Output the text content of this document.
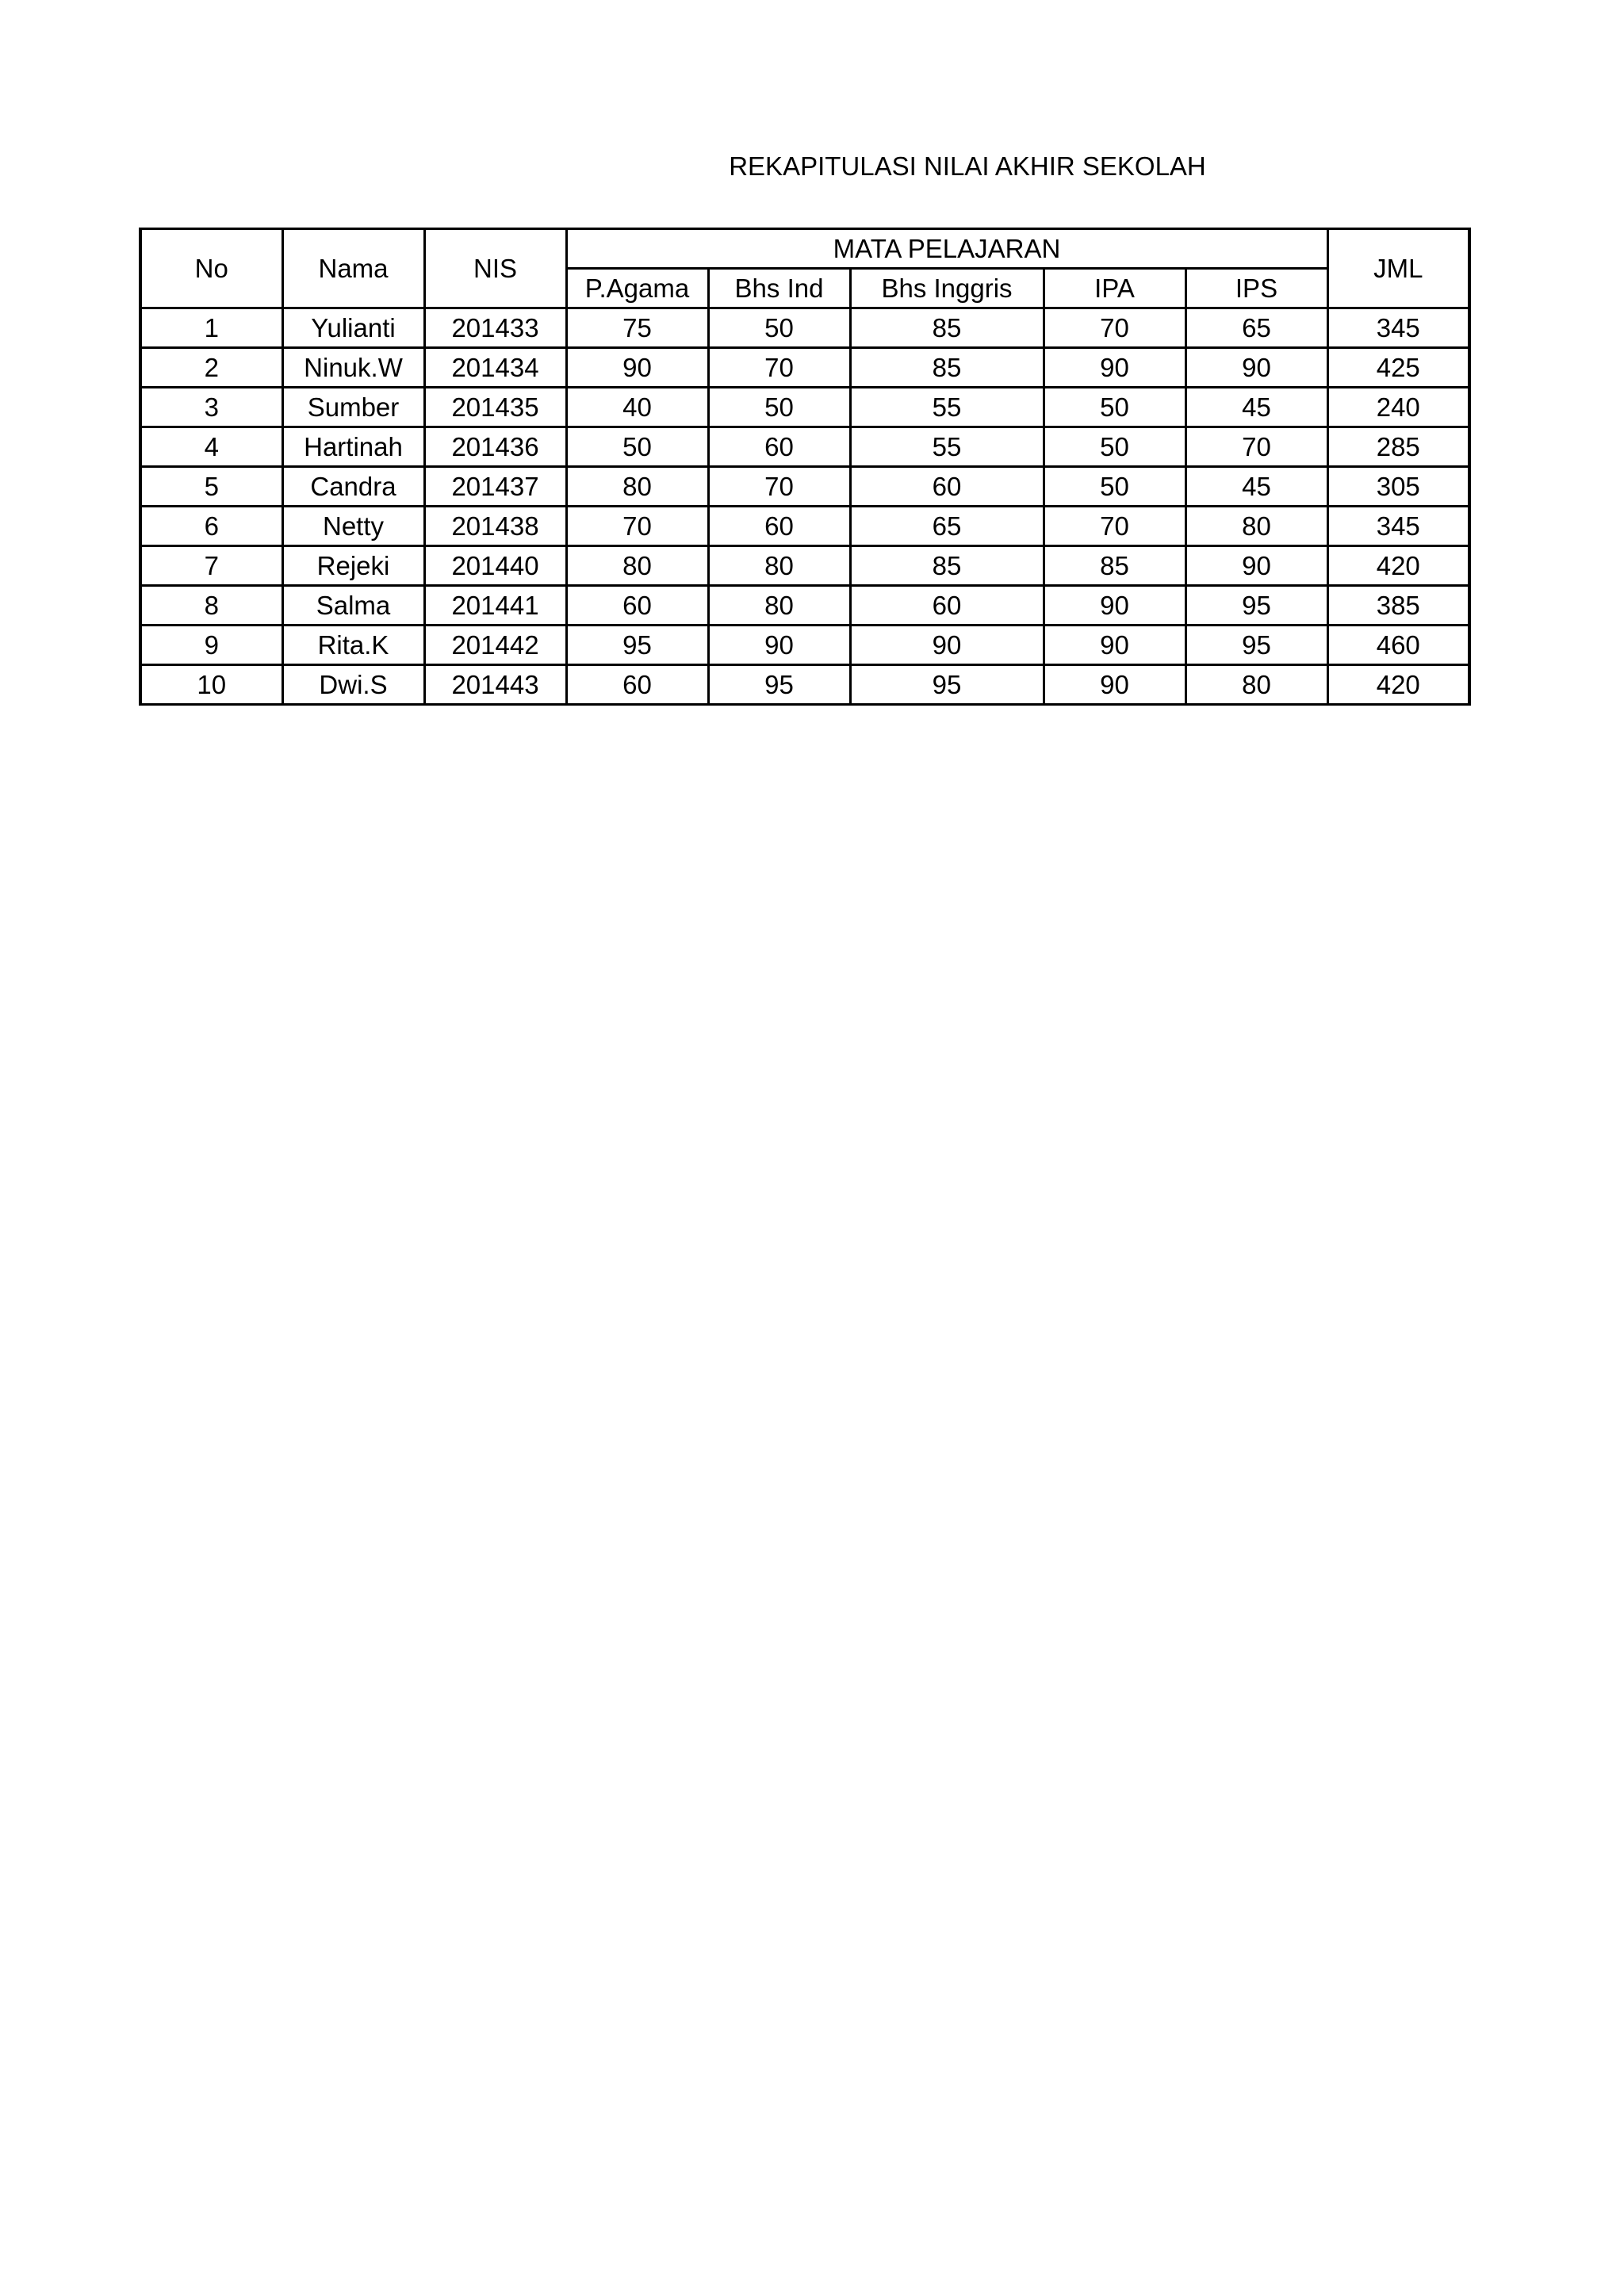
REKAPITULASI NILAI AKHIR SEKOLAH
No	Nama	NIS	MATA PELAJARAN					JML
			P.Agama	Bhs Ind	Bhs Inggris	IPA	IPS	
1	Yulianti	201433	75	50	85	70	65	345
2	Ninuk.W	201434	90	70	85	90	90	425
3	Sumber	201435	40	50	55	50	45	240
4	Hartinah	201436	50	60	55	50	70	285
5	Candra	201437	80	70	60	50	45	305
6	Netty	201438	70	60	65	70	80	345
7	Rejeki	201440	80	80	85	85	90	420
8	Salma	201441	60	80	60	90	95	385
9	Rita.K	201442	95	90	90	90	95	460
10	Dwi.S	201443	60	95	95	90	80	420
